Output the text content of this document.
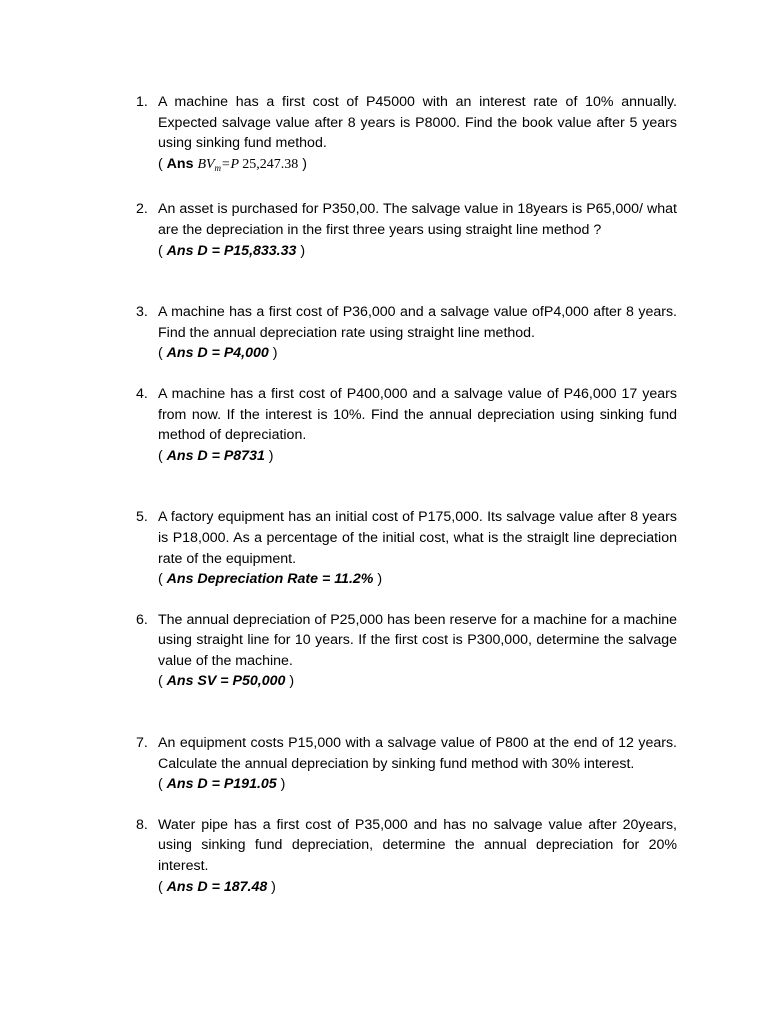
1. A machine has a first cost of P45000 with an interest rate of 10% annually. Expected salvage value after 8 years is P8000. Find the book value after 5 years using sinking fund method.
( Ans $BV_m=P$ 25,247.38 )
2. An asset is purchased for P350,00. The salvage value in 18years is P65,000/ what are the depreciation in the first three years using straight line method ?
( Ans D = P15,833.33 )
3. A machine has a first cost of P36,000 and a salvage value ofP4,000 after 8 years. Find the annual depreciation rate using straight line method.
( Ans D = P4,000 )
4. A machine has a first cost of P400,000 and a salvage value of P46,000 17 years from now. If the interest is 10%. Find the annual depreciation using sinking fund method of depreciation.
( Ans D = P8731 )
5. A factory equipment has an initial cost of P175,000. Its salvage value after 8 years is P18,000. As a percentage of the initial cost, what is the straiglt line depreciation rate of the equipment.
( Ans Depreciation Rate = 11.2% )
6. The annual depreciation of P25,000 has been reserve for a machine for a machine using straight line for 10 years. If the first cost is P300,000, determine the salvage value of the machine.
( Ans SV = P50,000 )
7. An equipment costs P15,000 with a salvage value of P800 at the end of 12 years. Calculate the annual depreciation by sinking fund method with 30% interest.
( Ans D = P191.05 )
8. Water pipe has a first cost of P35,000 and has no salvage value after 20years, using sinking fund depreciation, determine the annual depreciation for 20% interest.
( Ans D = 187.48 )
